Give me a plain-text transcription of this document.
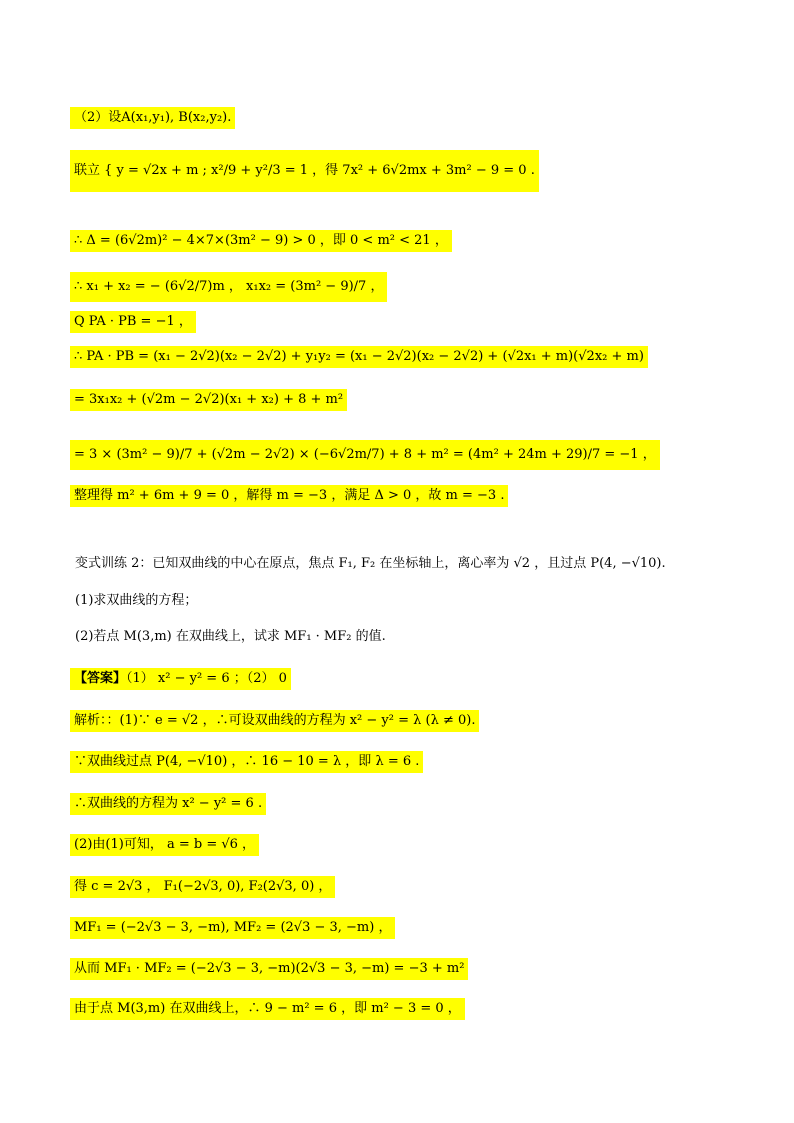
（2）设A(x₁,y₁), B(x₂,y₂).
联立 { y = √2x + m ; x²/9 + y²/3 = 1 ，得 7x² + 6√2mx + 3m² − 9 = 0 .
∴ Δ = (6√2m)² − 4×7×(3m² − 9) > 0 ，即 0 < m² < 21 ，
∴ x₁ + x₂ = − (6√2/7)m ， x₁x₂ = (3m² − 9)/7 ，
Q PA · PB = −1 ，
∴ PA · PB = (x₁ − 2√2)(x₂ − 2√2) + y₁y₂ = (x₁ − 2√2)(x₂ − 2√2) + (√2x₁ + m)(√2x₂ + m)
= 3x₁x₂ + (√2m − 2√2)(x₁ + x₂) + 8 + m²
= 3 × (3m² − 9)/7 + (√2m − 2√2) × (−6√2m/7) + 8 + m² = (4m² + 24m + 29)/7 = −1 ，
整理得 m² + 6m + 9 = 0 ，解得 m = −3 ，满足 Δ > 0 ，故 m = −3 .
变式训练 2：已知双曲线的中心在原点，焦点 F₁, F₂ 在坐标轴上，离心率为 √2 ，且过点 P(4, −√10).
(1)求双曲线的方程；
(2)若点 M(3,m) 在双曲线上，试求 MF₁ · MF₂ 的值.
【答案】（1） x² − y² = 6 ；（2） 0
解析：：(1)∵ e = √2 ，∴可设双曲线的方程为 x² − y² = λ (λ ≠ 0).
∵双曲线过点 P(4, −√10) ，∴ 16 − 10 = λ ，即 λ = 6 .
∴双曲线的方程为 x² − y² = 6 .
(2)由(1)可知， a = b = √6 ，
得 c = 2√3 ， F₁(−2√3, 0), F₂(2√3, 0) ，
MF₁ = (−2√3 − 3, −m), MF₂ = (2√3 − 3, −m) ，
从而 MF₁ · MF₂ = (−2√3 − 3, −m)(2√3 − 3, −m) = −3 + m²
由于点 M(3,m) 在双曲线上，∴ 9 − m² = 6 ，即 m² − 3 = 0 ，
